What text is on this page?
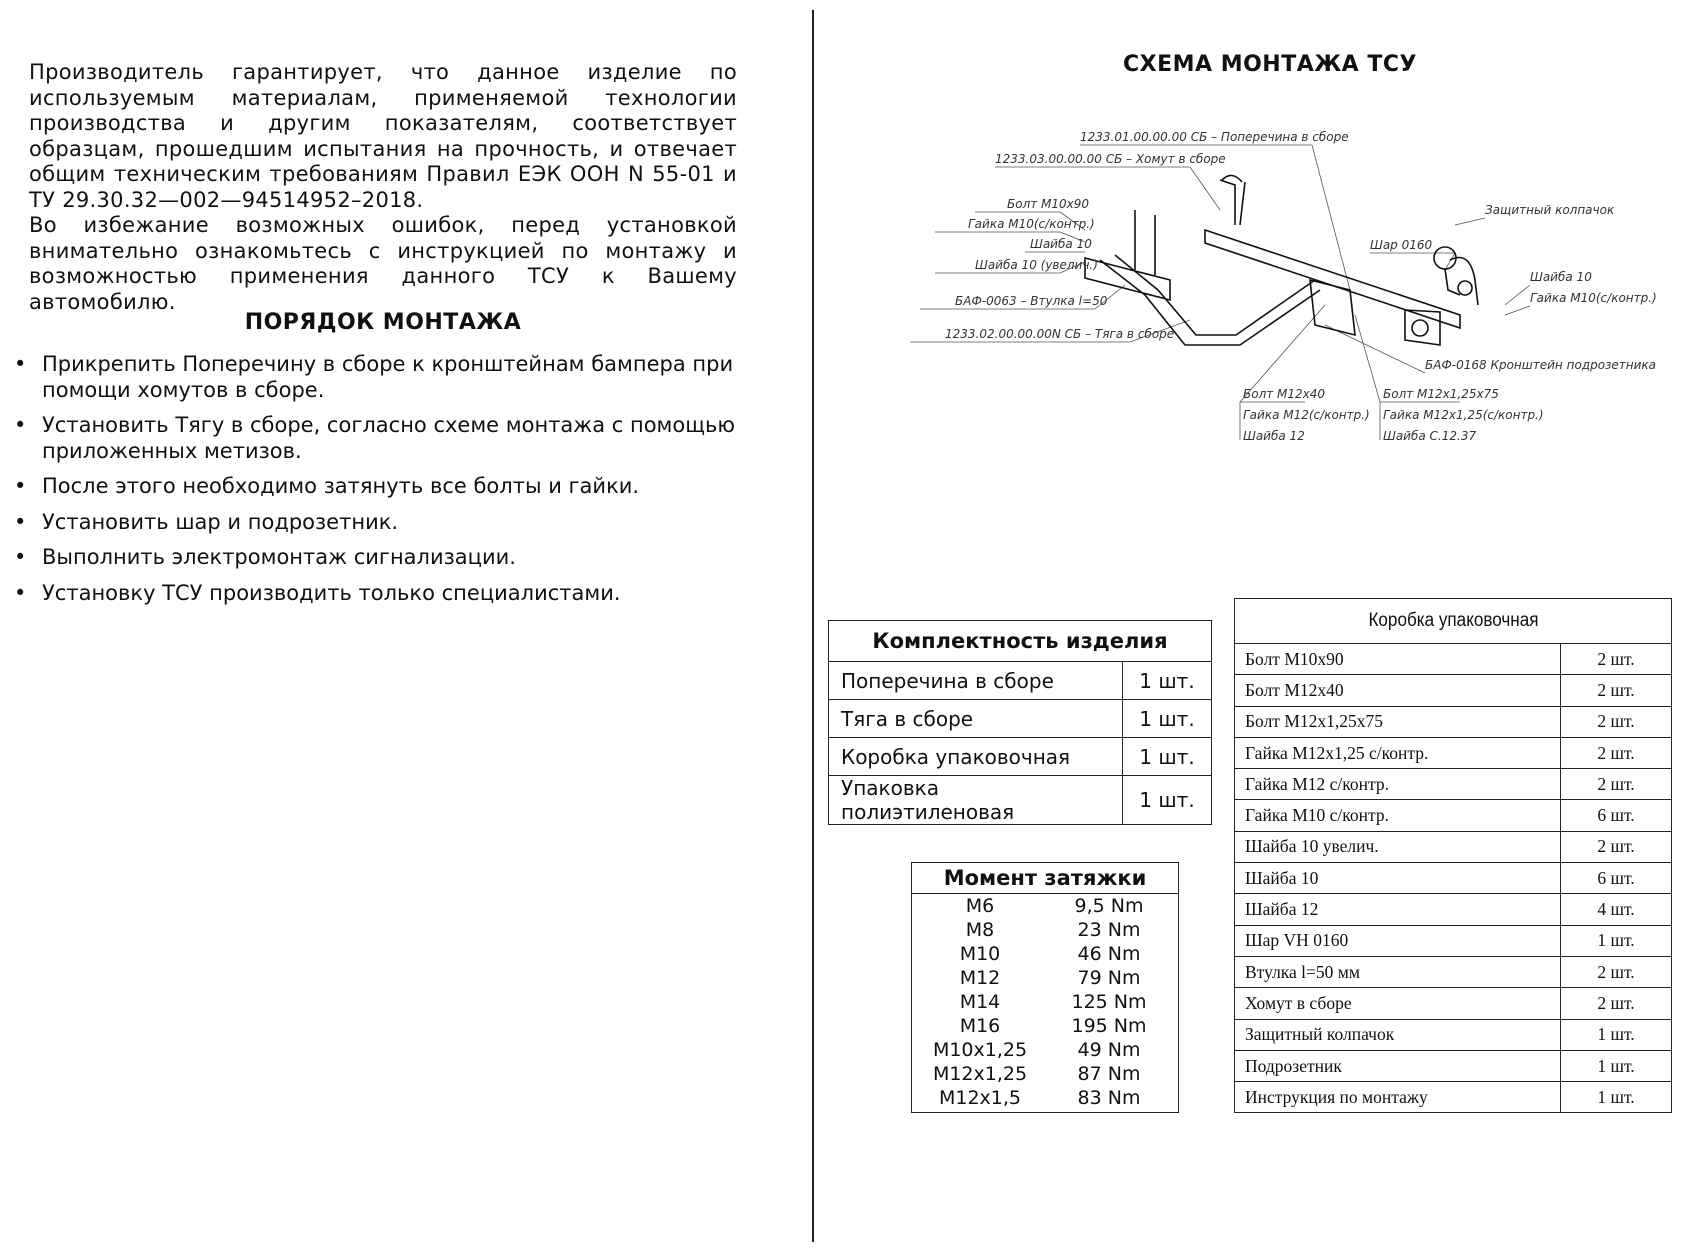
Производитель гарантирует, что данное изделие по используемым материалам, применяемой технологии производства и другим показателям, соответствует образцам, прошедшим испытания на прочность, и отвечает общим техническим требованиям Правил ЕЭК ООН N 55-01 и ТУ 29.30.32—002—94514952–2018.

Во избежание возможных ошибок, перед установкой внимательно ознакомьтесь с инструкцией по монтажу и возможностью применения данного ТСУ к Вашему автомобилю.

ПОРЯДОК МОНТАЖА
• Прикрепить Поперечину в сборе к кронштейнам бампера при помощи хомутов в сборе.
• Установить Тягу в сборе, согласно схеме монтажа с помощью приложенных метизов.
• После этого необходимо затянуть все болты и гайки.
• Установить шар и подрозетник.
• Выполнить электромонтаж сигнализации.
• Установку ТСУ производить только специалистами.
СХЕМА МОНТАЖА ТСУ
1233.01.00.00.00 СБ – Поперечина в сборе
1233.03.00.00.00 СБ – Хомут в сборе
Болт М10х90
Гайка М10(с/контр.)
Шайба 10
Шайба 10 (увелич.)
БАФ-0063 – Втулка l=50
1233.02.00.00.00N СБ – Тяга в сборе
Защитный колпачок
Шар 0160
Шайба 10
Гайка М10(с/контр.)
БАФ-0168 Кронштейн подрозетника
Болт М12х40
Гайка М12(с/контр.)
Шайба 12
Болт М12х1,25х75
Гайка М12х1,25(с/контр.)
Шайба С.12.37
Комплектность изделия	
Поперечина в сборе	1 шт.
Тяга в сборе	1 шт.
Коробка упаковочная	1 шт.
Упаковка полиэтиленовая	1 шт.
Момент затяжки
М6	9,5 Nm
М8	23 Nm
М10	46 Nm
М12	79 Nm
М14	125 Nm
М16	195 Nm
М10х1,25	49 Nm
М12х1,25	87 Nm
М12х1,5	83 Nm
Коробка упаковочная	
Болт М10х90	2 шт.
Болт М12х40	2 шт.
Болт М12х1,25х75	2 шт.
Гайка М12х1,25 с/контр.	2 шт.
Гайка М12 с/контр.	2 шт.
Гайка М10 с/контр.	6 шт.
Шайба 10 увелич.	2 шт.
Шайба 10	6 шт.
Шайба 12	4 шт.
Шар VH 0160	1 шт.
Втулка l=50 мм	2 шт.
Хомут в сборе	2 шт.
Защитный колпачок	1 шт.
Подрозетник	1 шт.
Инструкция по монтажу	1 шт.
